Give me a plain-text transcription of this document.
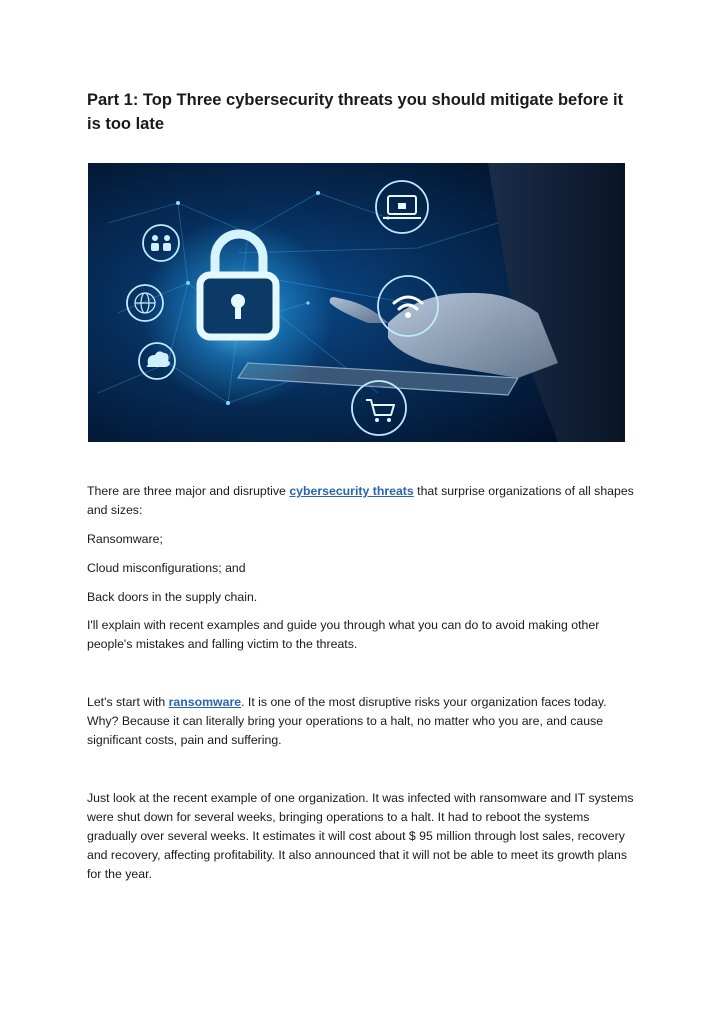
Part 1: Top Three cybersecurity threats you should mitigate before it is too late

There are three major and disruptive cybersecurity threats that surprise organizations of all shapes and sizes:

Ransomware;

Cloud misconfigurations; and

Back doors in the supply chain.

I'll explain with recent examples and guide you through what you can do to avoid making other people's mistakes and falling victim to the threats.

Let's start with ransomware. It is one of the most disruptive risks your organization faces today. Why? Because it can literally bring your operations to a halt, no matter who you are, and cause significant costs, pain and suffering.

Just look at the recent example of one organization. It was infected with ransomware and IT systems were shut down for several weeks, bringing operations to a halt. It had to reboot the systems gradually over several weeks. It estimates it will cost about $ 95 million through lost sales, recovery and recovery, affecting profitability. It also announced that it will not be able to meet its growth plans for the year.
